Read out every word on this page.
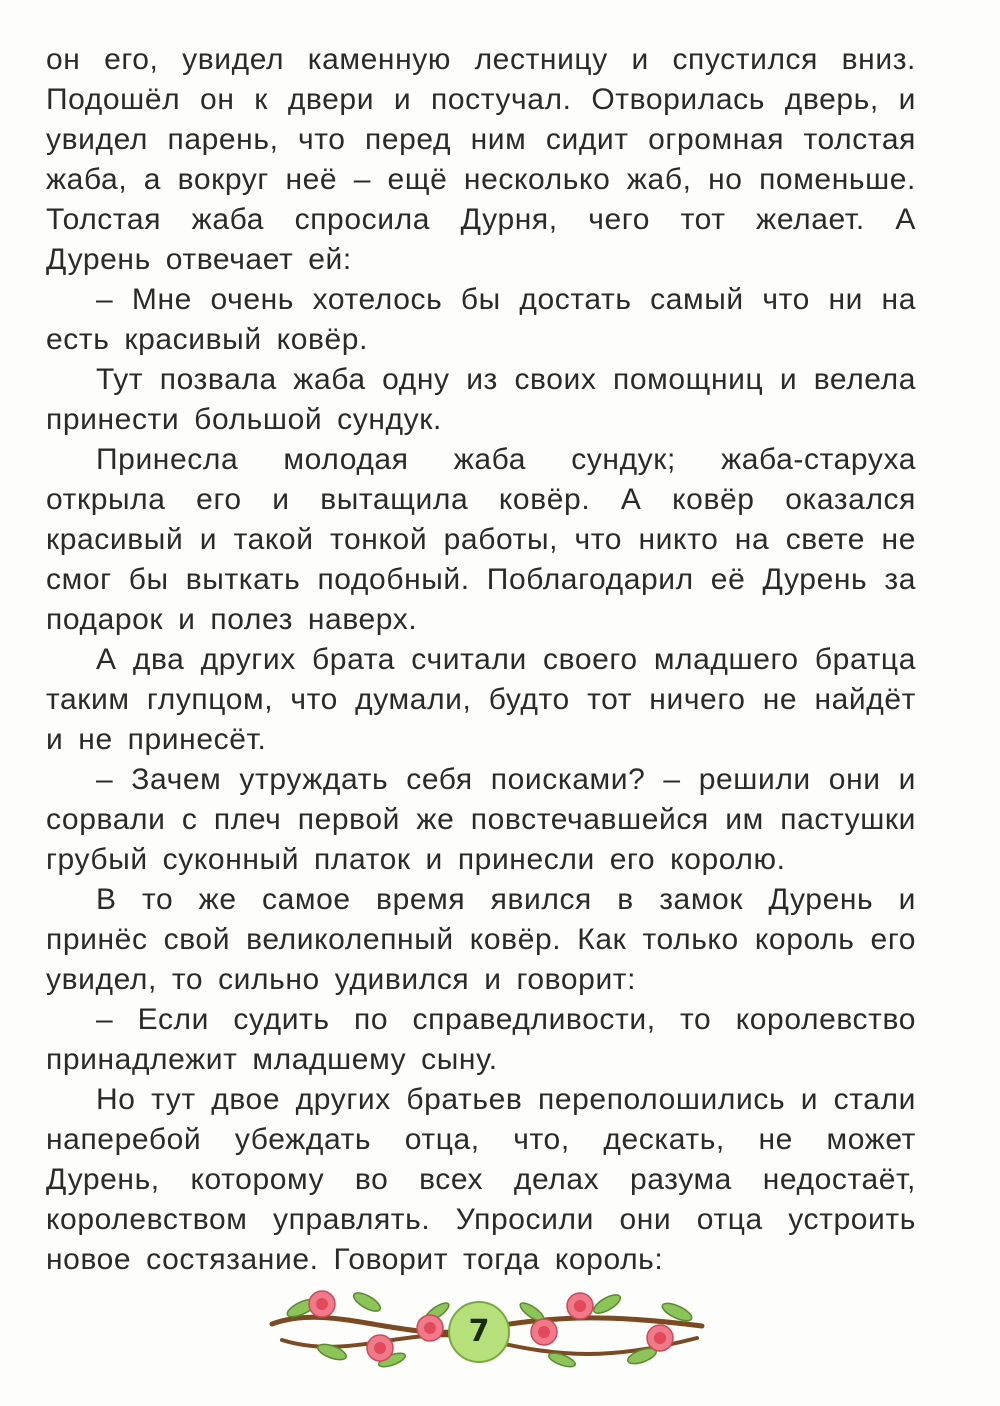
он его, увидел каменную лестницу и спустился вниз. Подошёл он к двери и постучал. Отворилась дверь, и увидел парень, что перед ним сидит огромная толстая жаба, а вокруг неё – ещё несколько жаб, но поменьше. Толстая жаба спросила Дурня, чего тот желает. А Дурень отвечает ей:

– Мне очень хотелось бы достать самый что ни на есть красивый ковёр.

Тут позвала жаба одну из своих помощниц и велела принести большой сундук.

Принесла молодая жаба сундук; жаба-старуха открыла его и вытащила ковёр. А ковёр оказался красивый и такой тонкой работы, что никто на свете не смог бы выткать подобный. Поблагодарил её Дурень за подарок и полез наверх.

А два других брата считали своего младшего братца таким глупцом, что думали, будто тот ничего не найдёт и не принесёт.

– Зачем утруждать себя поисками? – решили они и сорвали с плеч первой же повстечавшейся им пастушки грубый суконный платок и принесли его королю.

В то же самое время явился в замок Дурень и принёс свой великолепный ковёр. Как только король его увидел, то сильно удивился и говорит:

– Если судить по справедливости, то королевство принадлежит младшему сыну.

Но тут двое других братьев переполошились и стали наперебой убеждать отца, что, дескать, не может Дурень, которому во всех делах разума недостаёт, королевством управлять. Упросили они отца устроить новое состязание. Говорит тогда король:

7
